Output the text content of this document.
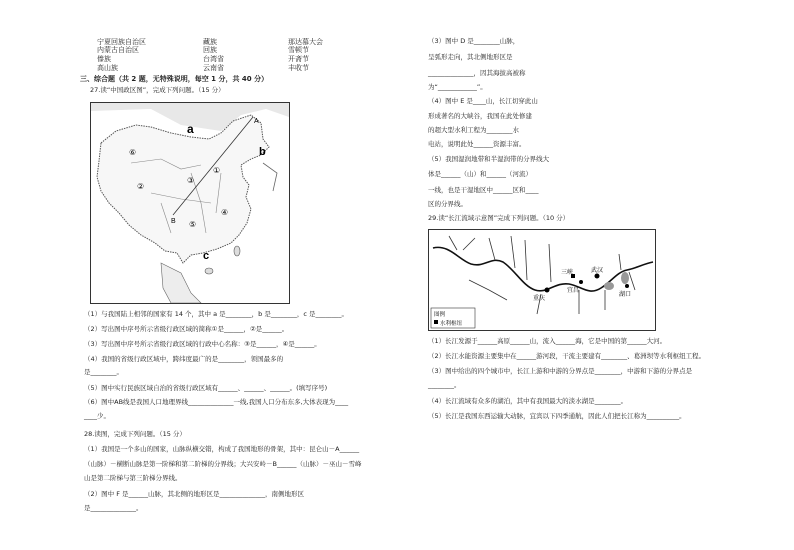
宁夏回族自治区
内蒙古自治区
傣族
高山族
藏族
回族
台湾省
云南省
那达慕大会
雪顿节
开斋节
丰收节
三、综合题（共 2 题，无特殊说明，每空 1 分，共 40 分）
27.读“中国政区图”，完成下列问题。（15 分）
a
b
c
A
B
⑥
②
③
①
⑤
④
（1）与我国陆上相邻的国家有 14 个，其中 a 是________，b 是________，c 是________。
（2）写出图中序号所示省级行政区域的简称①是______，②是______。
（3）写出图中序号所示省级行政区域的行政中心名称：③是______，④是______。
（4）我国的省级行政区域中，跨纬度最广的是________，领国最多的
是________。
（5）图中实行民族区域自治的省级行政区域有______、______、______。(填写序号)
（6）图中AB线是我国人口地理界线______________一线,我国人口分布东多,大体表现为____
____少。
28.读图，完成下列问题。（15 分）
（1）我国是一个多山的国家，山脉纵横交错，构成了我国地形的骨架，其中：昆仑山－A______
（山脉）－横断山脉是第一阶梯和第二阶梯的分界线；大兴安岭－B______（山脉）－巫山－雪峰
山是第二阶梯与第三阶梯分界线。
（2）图中 F 是______山脉，其北侧的地形区是______________，南侧地形区
是______________。
（3）图中 D 是________山脉，
呈弧形走向，其北侧地形区是
______________，因其海拔高被称
为“____________”。
（4）图中 E 是____山，长江切穿此山
形成著名的大峡谷，我国在此处修建
的超大型水利工程为________水
电站，说明此处______资源丰富。
（5）我国湿润地带和半湿润带的分界线大
体是______（山）和______（河流）
一线，也是干湿地区中______区和____
区的分界线。
29.读“长江流域示意图”完成下列问题。（10 分）
三峡
宜昌
武汉
湖口
重庆
图例
水利枢纽
（1）长江发源于______高原______山，流入______海，它是中国的第______大河。
（2）长江水能资源主要集中在______游河段，干流主要建有________、葛洲坝等水利枢纽工程。
（3）图中给出的四个城市中，长江上游和中游的分界点是________，中游和下游的分界点是
________。
（4）长江流域有众多的湖泊，其中有我国最大的淡水湖是________。
（5）长江是我国东西运输大动脉，宜宾以下四季通航，因此人们把长江称为__________。
